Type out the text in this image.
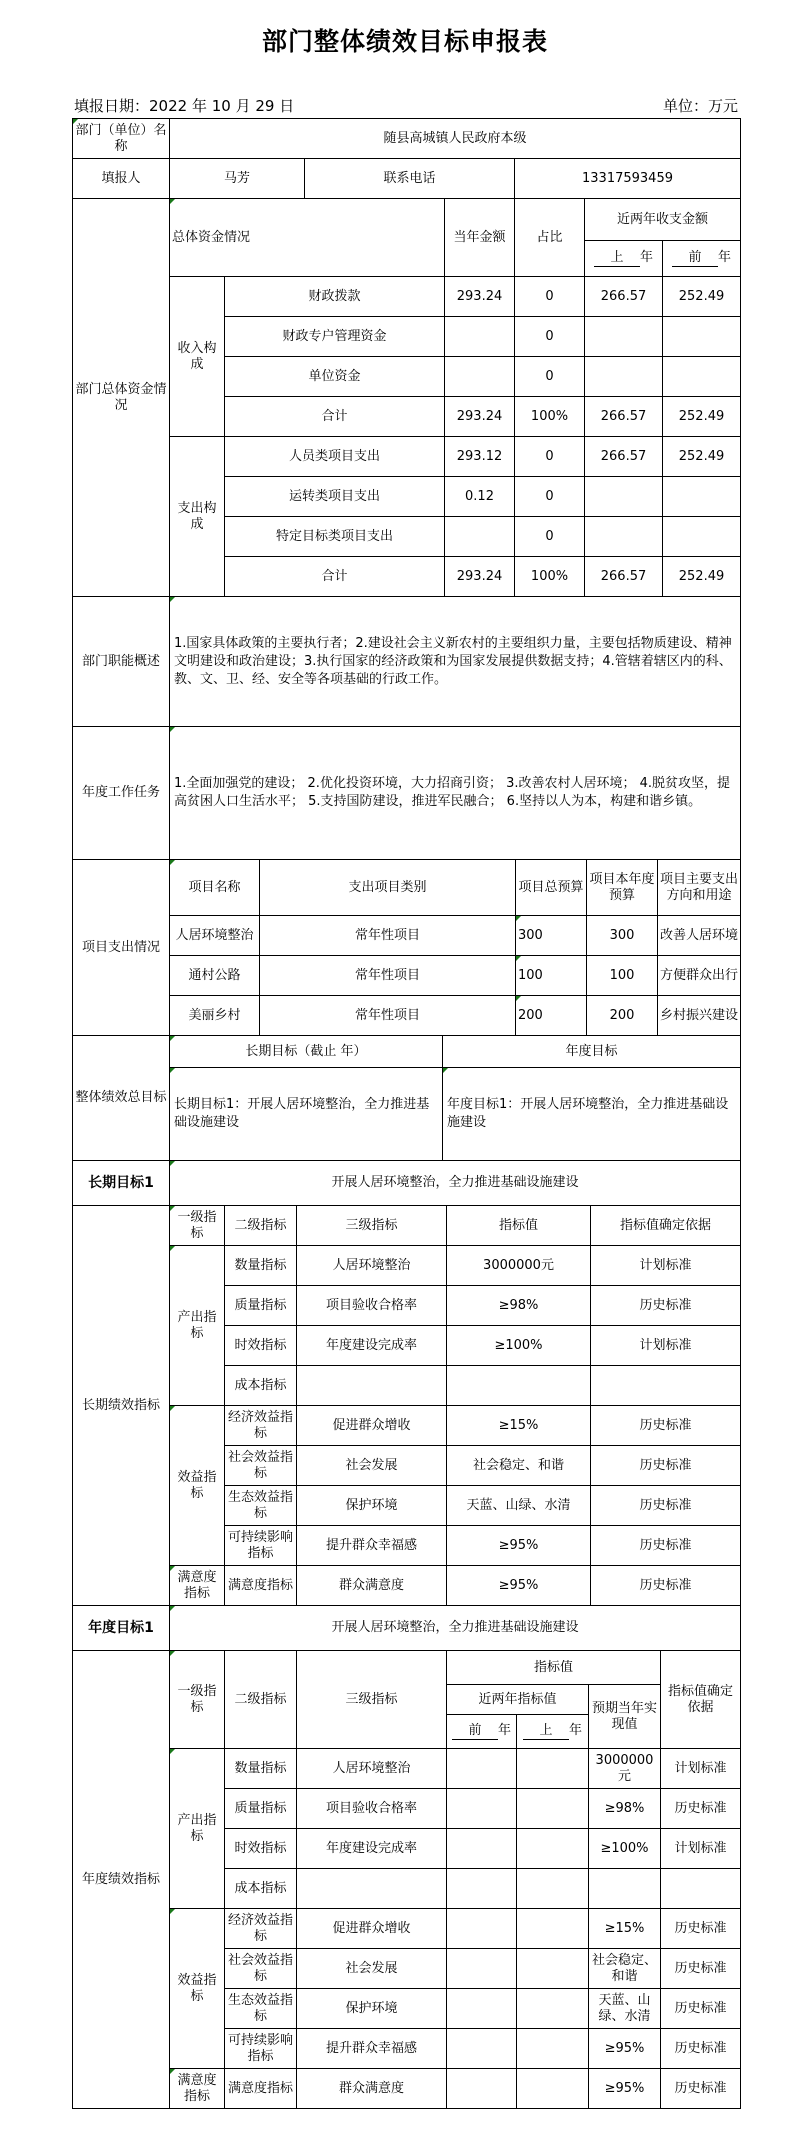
部门整体绩效目标申报表
填报日期：2022 年 10 月 29 日	单位：万元
部门（单位）名称	随县高城镇人民政府本级		
填报人	马芳	联系电话	13317593459
部门总体资金情况	总体资金情况		当年金额	占比	近两年收支金额	
					上 年	前 年
	收入构成	财政拨款	293.24	0	266.57	252.49
		财政专户管理资金		0		
		单位资金		0		
		合计	293.24	100%	266.57	252.49
	支出构成	人员类项目支出	293.12	0	266.57	252.49
		运转类项目支出	0.12	0		
		特定目标类项目支出		0		
		合计	293.24	100%	266.57	252.49
部门职能概述	1.国家具体政策的主要执行者；2.建设社会主义新农村的主要组织力量，主要包括物质建设、精神文明建设和政治建设；3.执行国家的经济政策和为国家发展提供数据支持；4.管辖着辖区内的科、教、文、卫、经、安全等各项基础的行政工作。
年度工作任务	1.全面加强党的建设； 2.优化投资环境，大力招商引资； 3.改善农村人居环境； 4.脱贫攻坚，提高贫困人口生活水平； 5.支持国防建设，推进军民融合； 6.坚持以人为本，构建和谐乡镇。
项目支出情况	项目名称	支出项目类别	项目总预算	项目本年度预算	项目主要支出方向和用途
	人居环境整治	常年性项目	300	300	改善人居环境
	通村公路	常年性项目	100	100	方便群众出行
	美丽乡村	常年性项目	200	200	乡村振兴建设
整体绩效总目标	长期目标（截止 年）	年度目标
	长期目标1：开展人居环境整治，全力推进基础设施建设	年度目标1：开展人居环境整治，全力推进基础设施建设
长期目标1	开展人居环境整治，全力推进基础设施建设
长期绩效指标	一级指标	二级指标	三级指标	指标值	指标值确定依据
	产出指标	数量指标	人居环境整治	3000000元	计划标准
		质量指标	项目验收合格率	≥98%	历史标准
		时效指标	年度建设完成率	≥100%	计划标准
		成本指标			
	效益指标	经济效益指标	促进群众增收	≥15%	历史标准
		社会效益指标	社会发展	社会稳定、和谐	历史标准
		生态效益指标	保护环境	天蓝、山绿、水清	历史标准
		可持续影响指标	提升群众幸福感	≥95%	历史标准
	满意度指标	满意度指标	群众满意度	≥95%	历史标准
年度目标1	开展人居环境整治，全力推进基础设施建设
年度绩效指标	一级指标	二级指标	三级指标	指标值			指标值确定依据
				近两年指标值		预期当年实现值	
				前 年	上 年		
	产出指标	数量指标	人居环境整治			3000000元	计划标准
		质量指标	项目验收合格率			≥98%	历史标准
		时效指标	年度建设完成率			≥100%	计划标准
		成本指标					
	效益指标	经济效益指标	促进群众增收			≥15%	历史标准
		社会效益指标	社会发展			社会稳定、和谐	历史标准
		生态效益指标	保护环境			天蓝、山绿、水清	历史标准
		可持续影响指标	提升群众幸福感			≥95%	历史标准
	满意度指标	满意度指标	群众满意度			≥95%	历史标准
